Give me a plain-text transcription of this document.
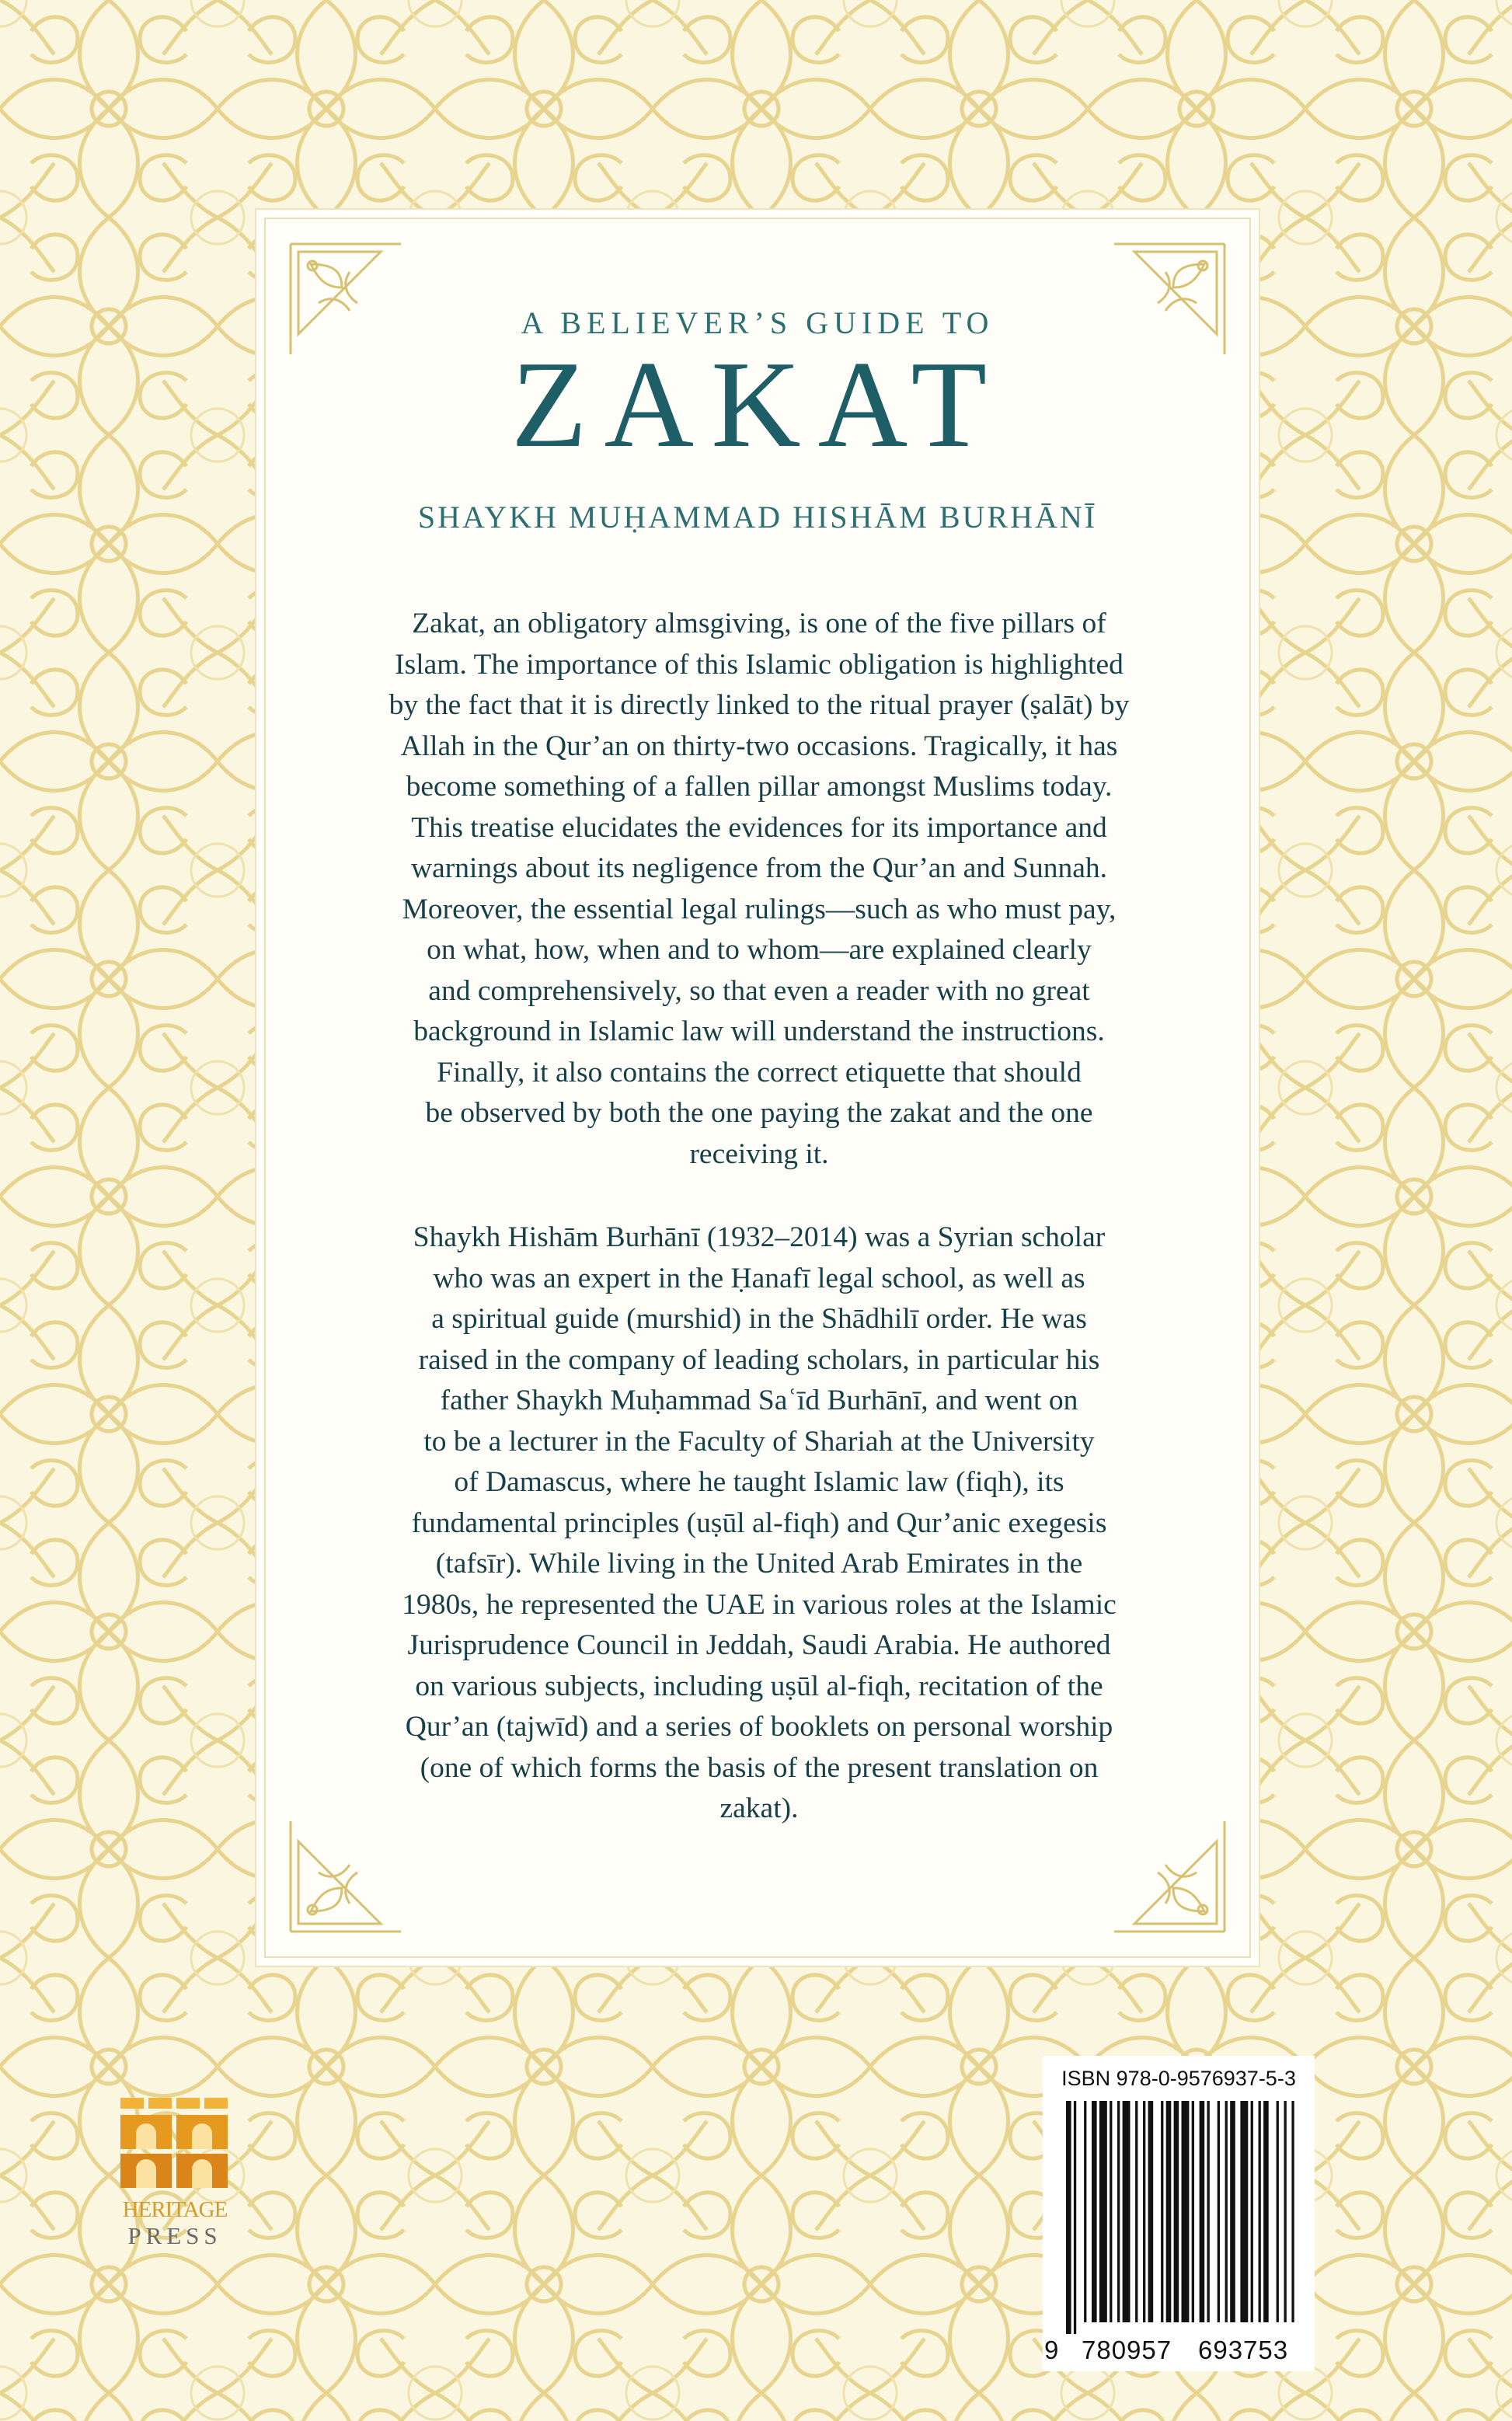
A BELIEVER’S GUIDE TO
ZAKAT
SHAYKH MUḤAMMAD HISHĀM BURHĀNĪ
Zakat, an obligatory almsgiving, is one of the five pillars of
Islam. The importance of this Islamic obligation is highlighted
by the fact that it is directly linked to the ritual prayer (ṣalāt) by
Allah in the Qur’an on thirty-two occasions. Tragically, it has
become something of a fallen pillar amongst Muslims today.
This treatise elucidates the evidences for its importance and
warnings about its negligence from the Qur’an and Sunnah.
Moreover, the essential legal rulings—such as who must pay,
on what, how, when and to whom—are explained clearly
and comprehensively, so that even a reader with no great
background in Islamic law will understand the instructions.
Finally, it also contains the correct etiquette that should
be observed by both the one paying the zakat and the one
receiving it.
Shaykh Hishām Burhānī (1932–2014) was a Syrian scholar
who was an expert in the Ḥanafī legal school, as well as
a spiritual guide (murshid) in the Shādhilī order. He was
raised in the company of leading scholars, in particular his
father Shaykh Muḥammad Saʿīd Burhānī, and went on
to be a lecturer in the Faculty of Shariah at the University
of Damascus, where he taught Islamic law (fiqh), its
fundamental principles (uṣūl al-fiqh) and Qur’anic exegesis
(tafsīr). While living in the United Arab Emirates in the
1980s, he represented the UAE in various roles at the Islamic
Jurisprudence Council in Jeddah, Saudi Arabia. He authored
on various subjects, including uṣūl al-fiqh, recitation of the
Qur’an (tajwīd) and a series of booklets on personal worship
(one of which forms the basis of the present translation on
zakat).
HERITAGE
PRESS
ISBN 978-0-9576937-5-3
9 780957 693753
